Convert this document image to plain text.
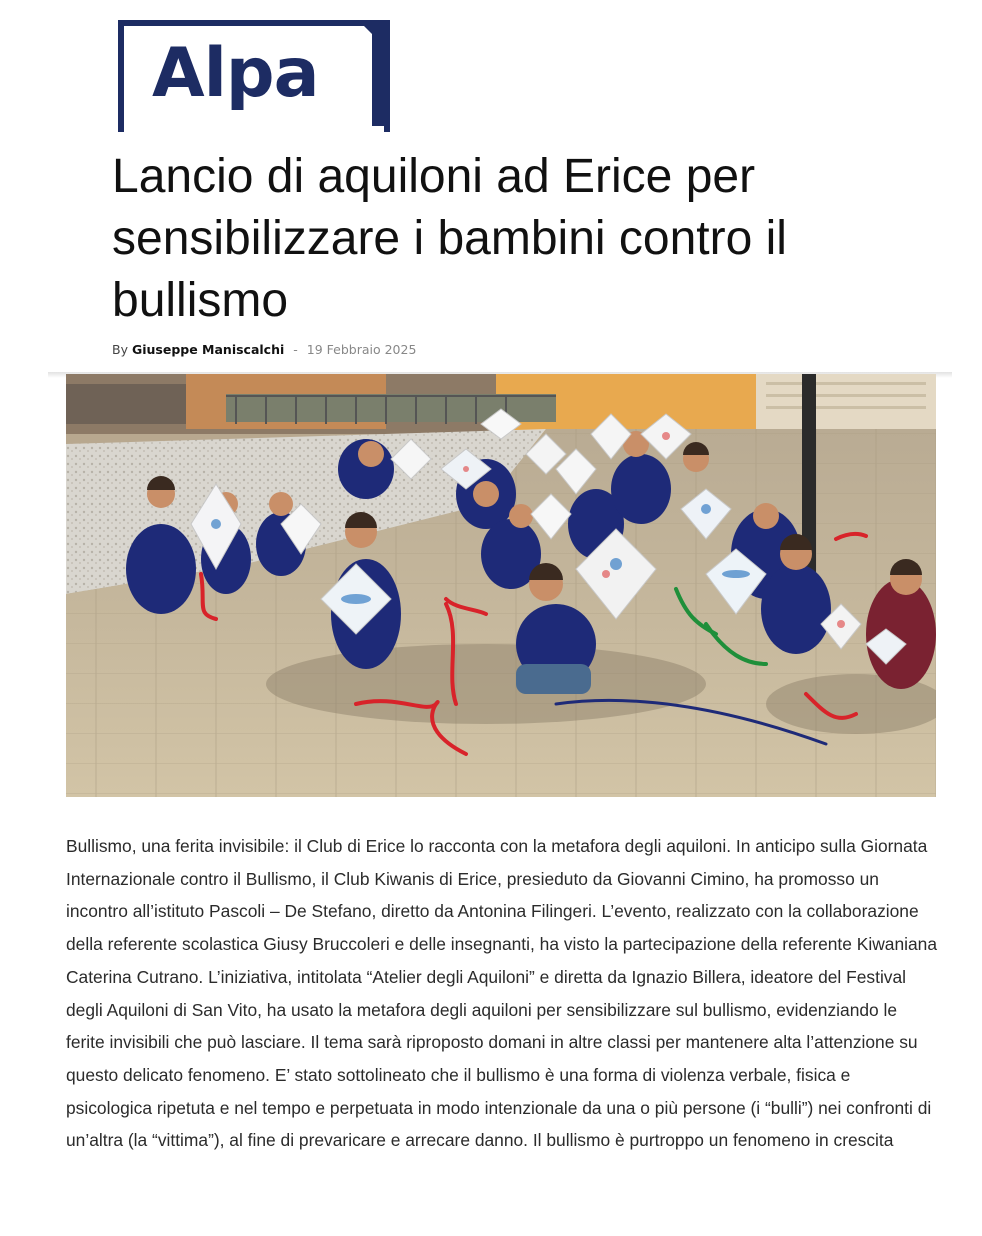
Alpa
Lancio di aquiloni ad Erice per sensibilizzare i bambini contro il bullismo
By Giuseppe Maniscalchi - 19 Febbraio 2025

Bullismo, una ferita invisibile: il Club di Erice lo racconta con la metafora degli aquiloni. In anticipo sulla Giornata Internazionale contro il Bullismo, il Club Kiwanis di Erice, presieduto da Giovanni Cimino, ha promosso un incontro all’istituto Pascoli – De Stefano, diretto da Antonina Filingeri. L’evento, realizzato con la collaborazione della referente scolastica Giusy Bruccoleri e delle insegnanti, ha visto la partecipazione della referente Kiwaniana Caterina Cutrano. L’iniziativa, intitolata “Atelier degli Aquiloni” e diretta da Ignazio Billera, ideatore del Festival degli Aquiloni di San Vito, ha usato la metafora degli aquiloni per sensibilizzare sul bullismo, evidenziando le ferite invisibili che può lasciare. Il tema sarà riproposto domani in altre classi per mantenere alta l’attenzione su questo delicato fenomeno. E’ stato sottolineato che il bullismo è una forma di violenza verbale, fisica e psicologica ripetuta e nel tempo e perpetuata in modo intenzionale da una o più persone (i “bulli”) nei confronti di un’altra (la “vittima”), al fine di prevaricare e arrecare danno. Il bullismo è purtroppo un fenomeno in crescita
